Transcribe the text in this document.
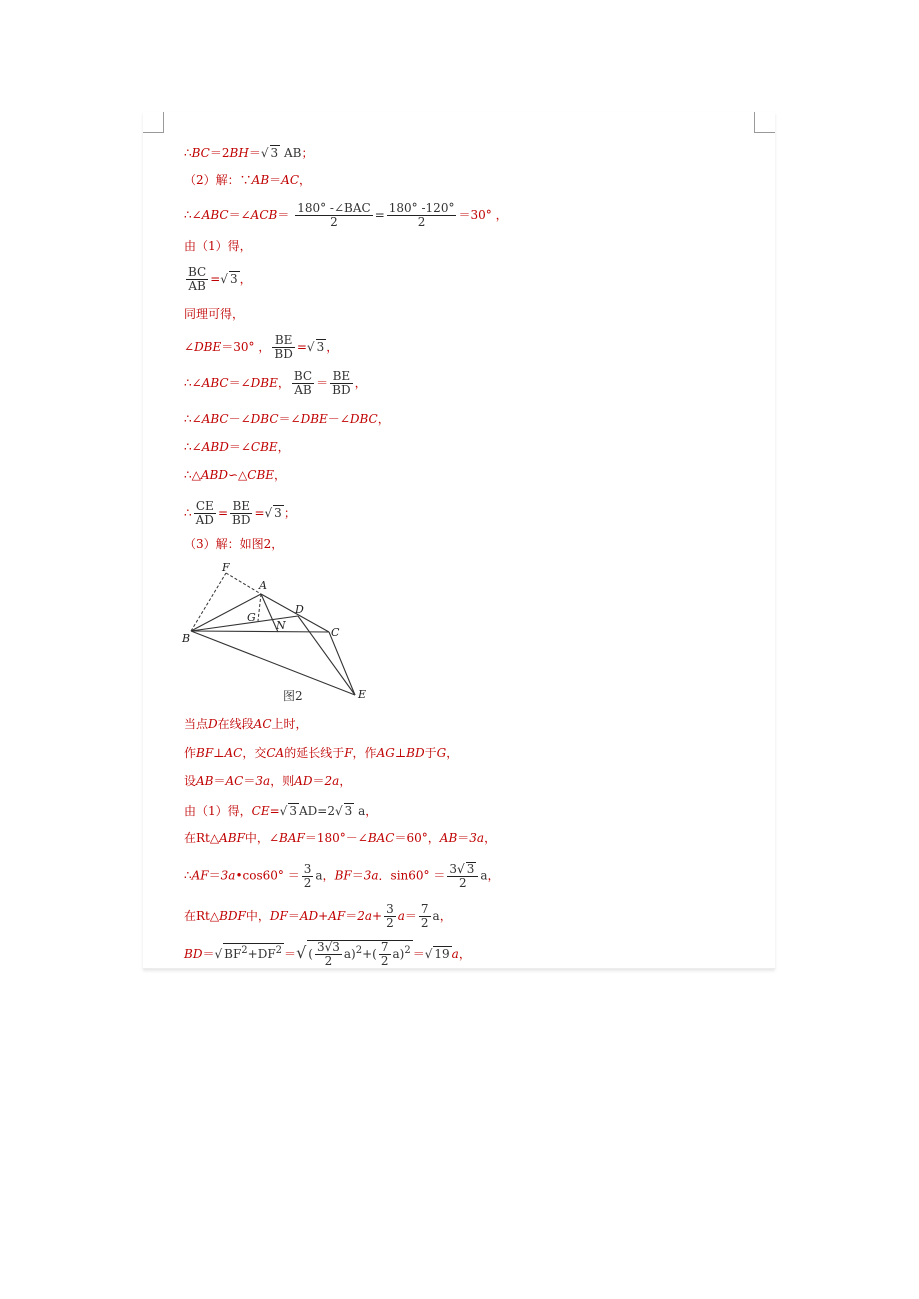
∴BC＝2BH＝√ 3 AB；
（2）解：∵AB＝AC，
∴∠ABC＝∠ACB＝ $\frac{\text{180° -∠BAC}}{2} = \frac{180^\circ -120^\circ}{2} =30^\circ$ ，
由（1）得，
$\frac{BC}{AB}$ =√ 3 ，
同理可得，
∠DBE＝30° ， $\frac{BE}{BD}$ =√ 3 ，
∴∠ABC＝∠DBE， $\frac{BC}{AB} = \frac{BE}{BD}$ ，
∴∠ABC－∠DBC＝∠DBE－∠DBC，
∴∠ABD＝∠CBE，
∴△ABD∽△CBE，
∴ $\frac{CE}{AD} = \frac{BE}{BD}$ =√ 3 ；
（3）解：如图2，
F
A
D
G
N
B	C
E
图2
当点D在线段AC上时，
作BF⊥AC，交CA的延长线于F，作AG⊥BD于G，
设AB＝AC＝3a，则AD＝2a，
由（1）得，CE=√ 3 AD=2√ 3 a，
在Rt△ABF中，∠BAF＝180°－∠BAC＝60°，AB＝3a，
∴AF＝3a•cos60° ＝ $\frac{3}{2}$ a，BF＝3a．$\sin 60^\circ = \frac{3√ 3}{2}$ a，
在Rt△BDF中，$DF=AD+AF=2a+ \frac{3}{2} a= \frac{7}{2}$ a，
BD＝√ $BF^2+DF^2$ ＝√ ( $\frac{3√3}{2} a)^2+( \frac{7}{2} a)^2$ ＝√ 19 a，
